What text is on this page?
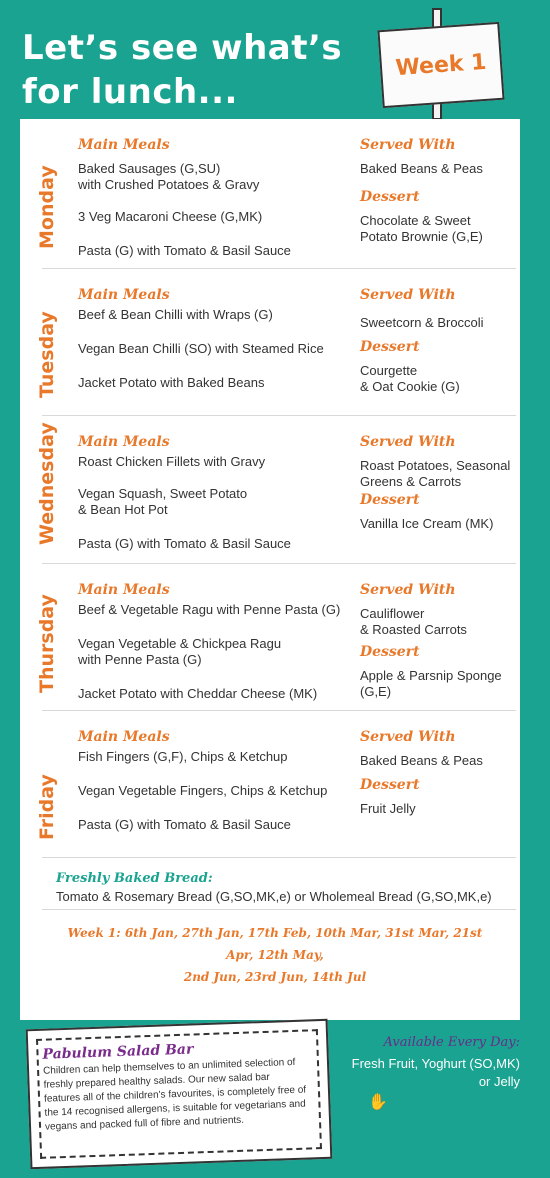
Let’s see what’s
for lunch...
Week 1
Freshly Baked Bread:
Tomato & Rosemary Bread (G,SO,MK,e) or Wholemeal Bread (G,SO,MK,e)
Week 1: 6th Jan, 27th Jan, 17th Feb, 10th Mar, 31st Mar, 21st Apr, 12th May,
2nd Jun, 23rd Jun, 14th Jul
Monday
Main Meals	Served With
Baked Sausages (G,SU)
with Crushed Potatoes & Gravy
3 Veg Macaroni Cheese (G,MK)
Pasta (G) with Tomato & Basil Sauce
Baked Beans & Peas
Dessert
Chocolate & Sweet
Potato Brownie (G,E)
Tuesday
Main Meals	Served With
Beef & Bean Chilli with Wraps (G)
Vegan Bean Chilli (SO) with Steamed Rice
Jacket Potato with Baked Beans
Sweetcorn & Broccoli
Dessert
Courgette
& Oat Cookie (G)
Wednesday Main Meals	Served With
Roast Chicken Fillets with Gravy
Vegan Squash, Sweet Potato
& Bean Hot Pot
Pasta (G) with Tomato & Basil Sauce
Roast Potatoes, Seasonal
Greens & Carrots
Dessert
Vanilla Ice Cream (MK)
Thursday
Main Meals	Served With
Beef & Vegetable Ragu with Penne Pasta (G)
Vegan Vegetable & Chickpea Ragu
with Penne Pasta (G)
Jacket Potato with Cheddar Cheese (MK)
Cauliflower
& Roasted Carrots
Dessert
Apple & Parsnip Sponge
(G,E)
Friday
Main Meals	Served With
Fish Fingers (G,F), Chips & Ketchup
Vegan Vegetable Fingers, Chips & Ketchup
Pasta (G) with Tomato & Basil Sauce
Baked Beans & Peas
Dessert
Fruit Jelly
Pabulum Salad Bar
Children can help themselves to an unlimited selection of freshly prepared healthy salads. Our new salad bar features all of the children’s favourites, is completely free of the 14 recognised allergens, is suitable for vegetarians and vegans and packed full of fibre and nutrients.
Available Every Day:
Fresh Fruit, Yoghurt (SO,MK)
or Jelly
✋
